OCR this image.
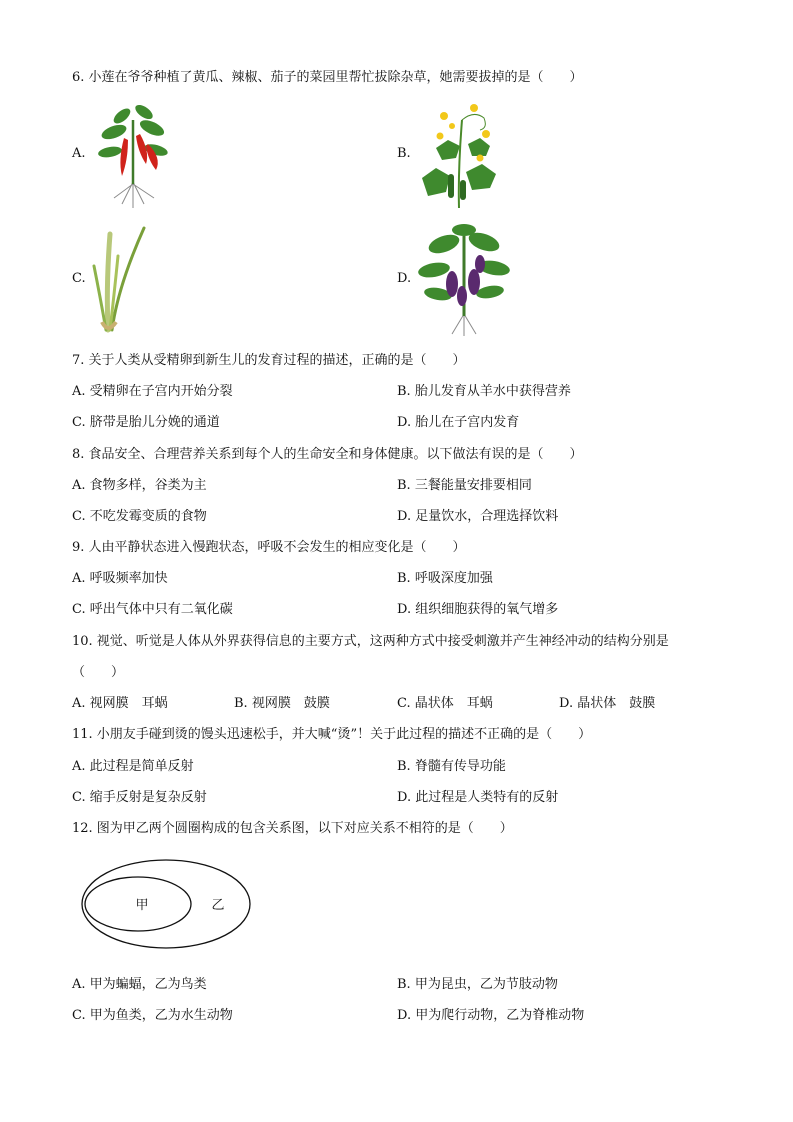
6. 小莲在爷爷种植了黄瓜、辣椒、茄子的菜园里帮忙拔除杂草，她需要拔掉的是（　　）
A.	B.
C.	D.
7. 关于人类从受精卵到新生儿的发育过程的描述，正确的是（　　）
A. 受精卵在子宫内开始分裂	B. 胎儿发育从羊水中获得营养
C. 脐带是胎儿分娩的通道	D. 胎儿在子宫内发育
8. 食品安全、合理营养关系到每个人的生命安全和身体健康。以下做法有误的是（　　）
A. 食物多样，谷类为主	B. 三餐能量安排要相同
C. 不吃发霉变质的食物	D. 足量饮水，合理选择饮料
9. 人由平静状态进入慢跑状态，呼吸不会发生的相应变化是（　　）
A. 呼吸频率加快	B. 呼吸深度加强
C. 呼出气体中只有二氧化碳	D. 组织细胞获得的氧气增多
10. 视觉、听觉是人体从外界获得信息的主要方式，这两种方式中接受刺激并产生神经冲动的结构分别是
（　　）
A. 视网膜　耳蜗	B. 视网膜　鼓膜	C. 晶状体　耳蜗	D. 晶状体　鼓膜
11. 小朋友手碰到烫的馒头迅速松手，并大喊“烫”！关于此过程的描述不正确的是（　　）
A. 此过程是简单反射	B. 脊髓有传导功能
C. 缩手反射是复杂反射	D. 此过程是人类特有的反射
12. 图为甲乙两个圆圈构成的包含关系图，以下对应关系不相符的是（　　）
甲	乙
A. 甲为蝙蝠，乙为鸟类	B. 甲为昆虫，乙为节肢动物
C. 甲为鱼类，乙为水生动物	D. 甲为爬行动物，乙为脊椎动物
